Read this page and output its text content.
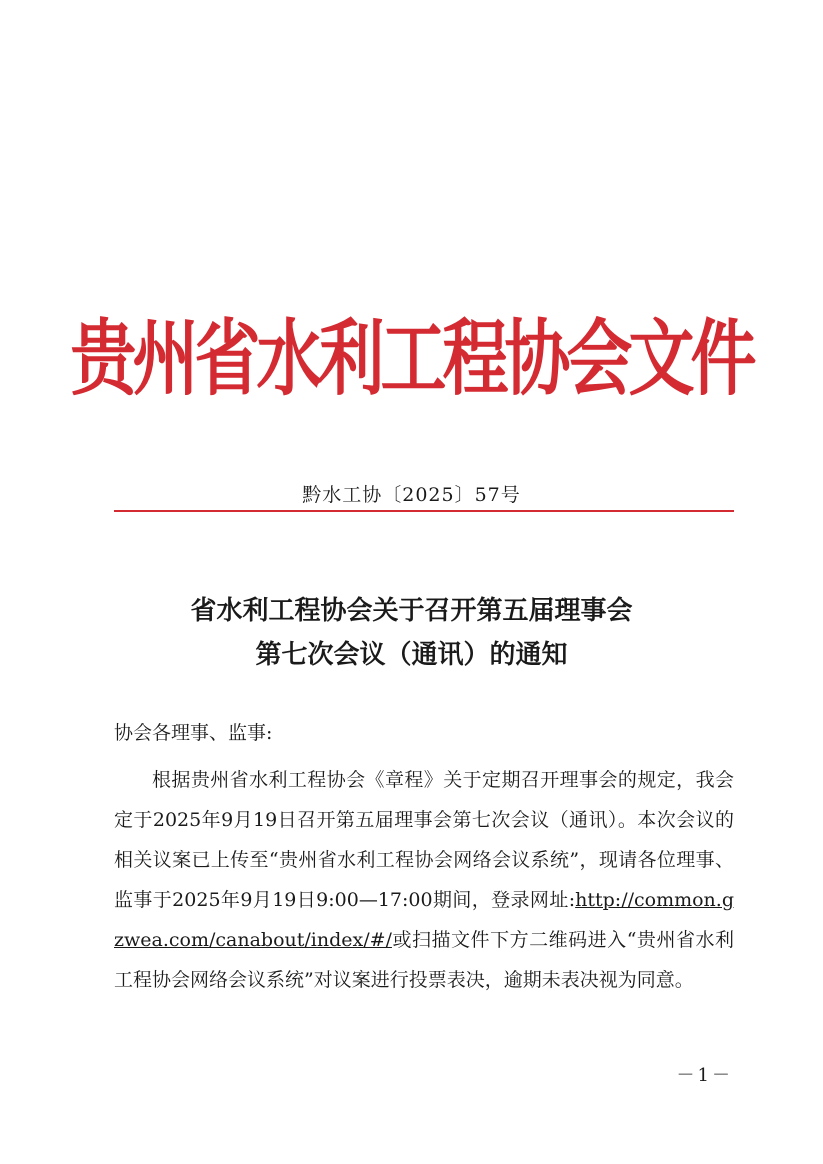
贵州省水利工程协会文件
黔水工协〔2025〕57号
省水利工程协会关于召开第五届理事会
第七次会议（通讯）的通知
协会各理事、监事:
根据贵州省水利工程协会《章程》关于定期召开理事会的规定，我会定于2025年9月19日召开第五届理事会第七次会议（通讯）。本次会议的相关议案已上传至“贵州省水利工程协会网络会议系统”，现请各位理事、监事于2025年9月19日9:00—17:00期间，登录网址:http://common.gzwea.com/canabout/index/#/或扫描文件下方二维码进入“贵州省水利工程协会网络会议系统”对议案进行投票表决，逾期未表决视为同意。
－1－
